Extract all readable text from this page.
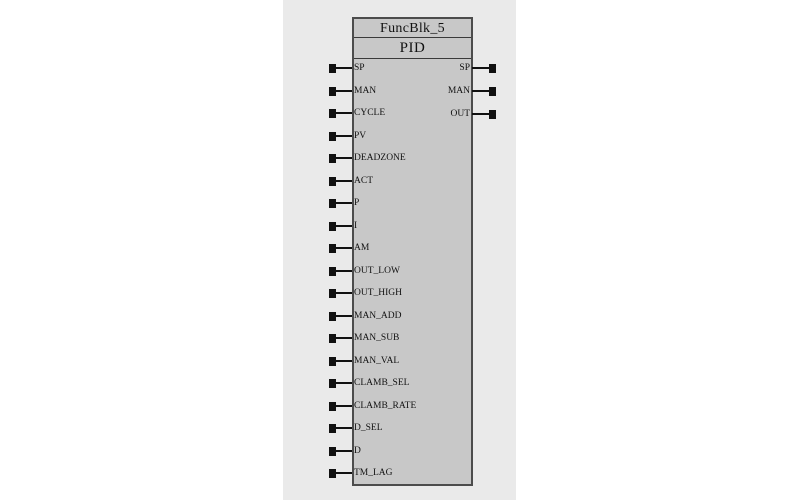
FuncBlk_5
PID
SP
MAN
CYCLE
PV
DEADZONE
ACT
P
I
AM
OUT_LOW
OUT_HIGH
MAN_ADD
MAN_SUB
MAN_VAL
CLAMB_SEL
CLAMB_RATE
D_SEL
D
TM_LAG
SP
MAN
OUT
